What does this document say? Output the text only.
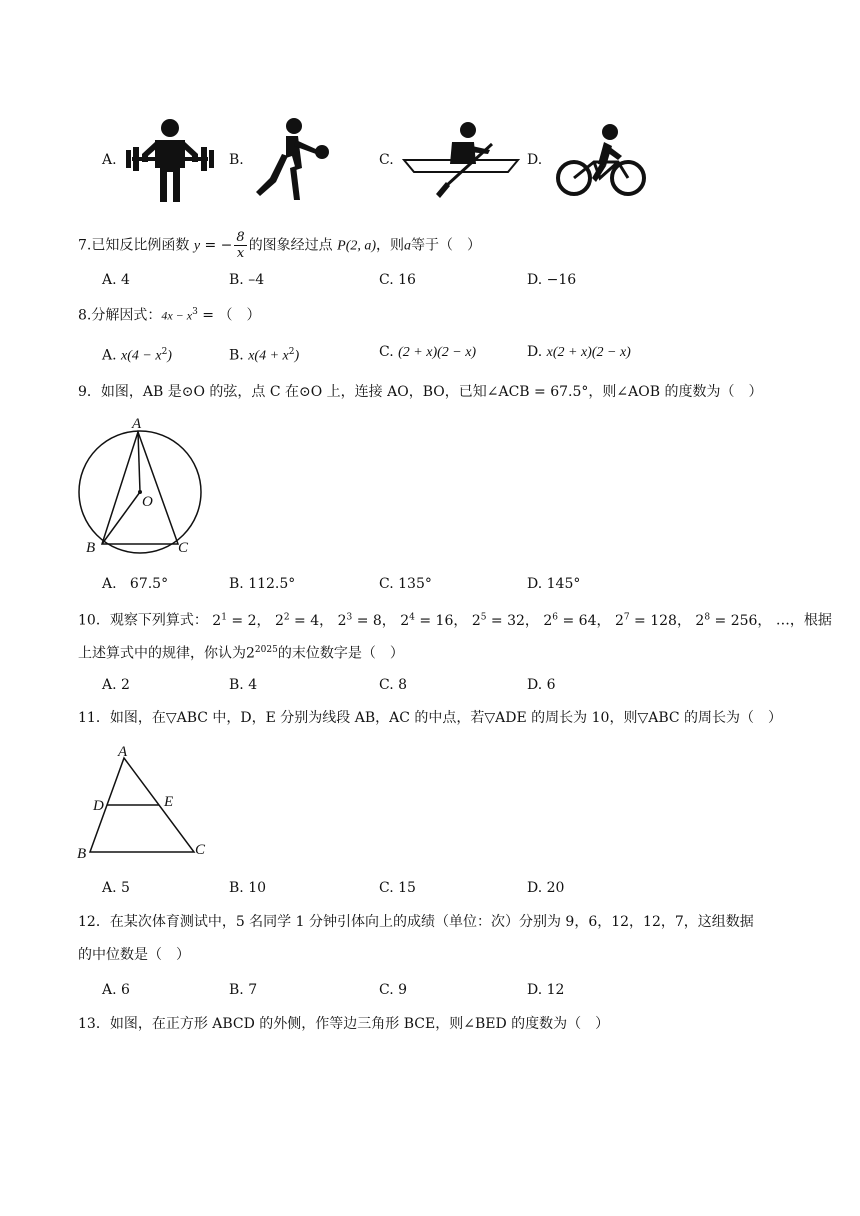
A.	B.	C.	D.
7.已知反比例函数 y = − $\frac{8}{x}$ 的图象经过点 P(2, a)，则a等于（　）
A. 4	B. –4	C. 16	D. −16
8.分解因式：$4x - x^3$ = （　）
A. $x(4 - x^2)$	B. $x(4 + x^2)$	C. (2 + x)(2 − x)	D. x(2 + x)(2 − x)
9．如图，AB 是⊙O 的弦，点 C 在⊙O 上，连接 AO，BO，已知∠ACB = 67.5°，则∠AOB 的度数为（　）
A
O
B	C
A. 67.5°	B. 112.5°	C. 135°	D. 145°
10．观察下列算式： $2^1 = 2$， $2^2 = 4$， $2^3 = 8$， $2^4 = 16$， $2^5 = 32$， $2^6 = 64$， $2^7 = 128$， $2^8 = 256$， …，根据
上述算式中的规律，你认为$2^{2025}$的末位数字是（　）
A. 2	B. 4	C. 8	D. 6
11．如图，在▽ABC 中，D，E 分别为线段 AB，AC 的中点，若▽ADE 的周长为 10，则▽ABC 的周长为（　）
A
D	E
B	C
A. 5	B. 10	C. 15	D. 20
12．在某次体育测试中，5 名同学 1 分钟引体向上的成绩（单位：次）分别为 9，6，12，12，7，这组数据
的中位数是（　）
A. 6	B. 7	C. 9	D. 12
13．如图，在正方形 ABCD 的外侧，作等边三角形 BCE，则∠BED 的度数为（　）
